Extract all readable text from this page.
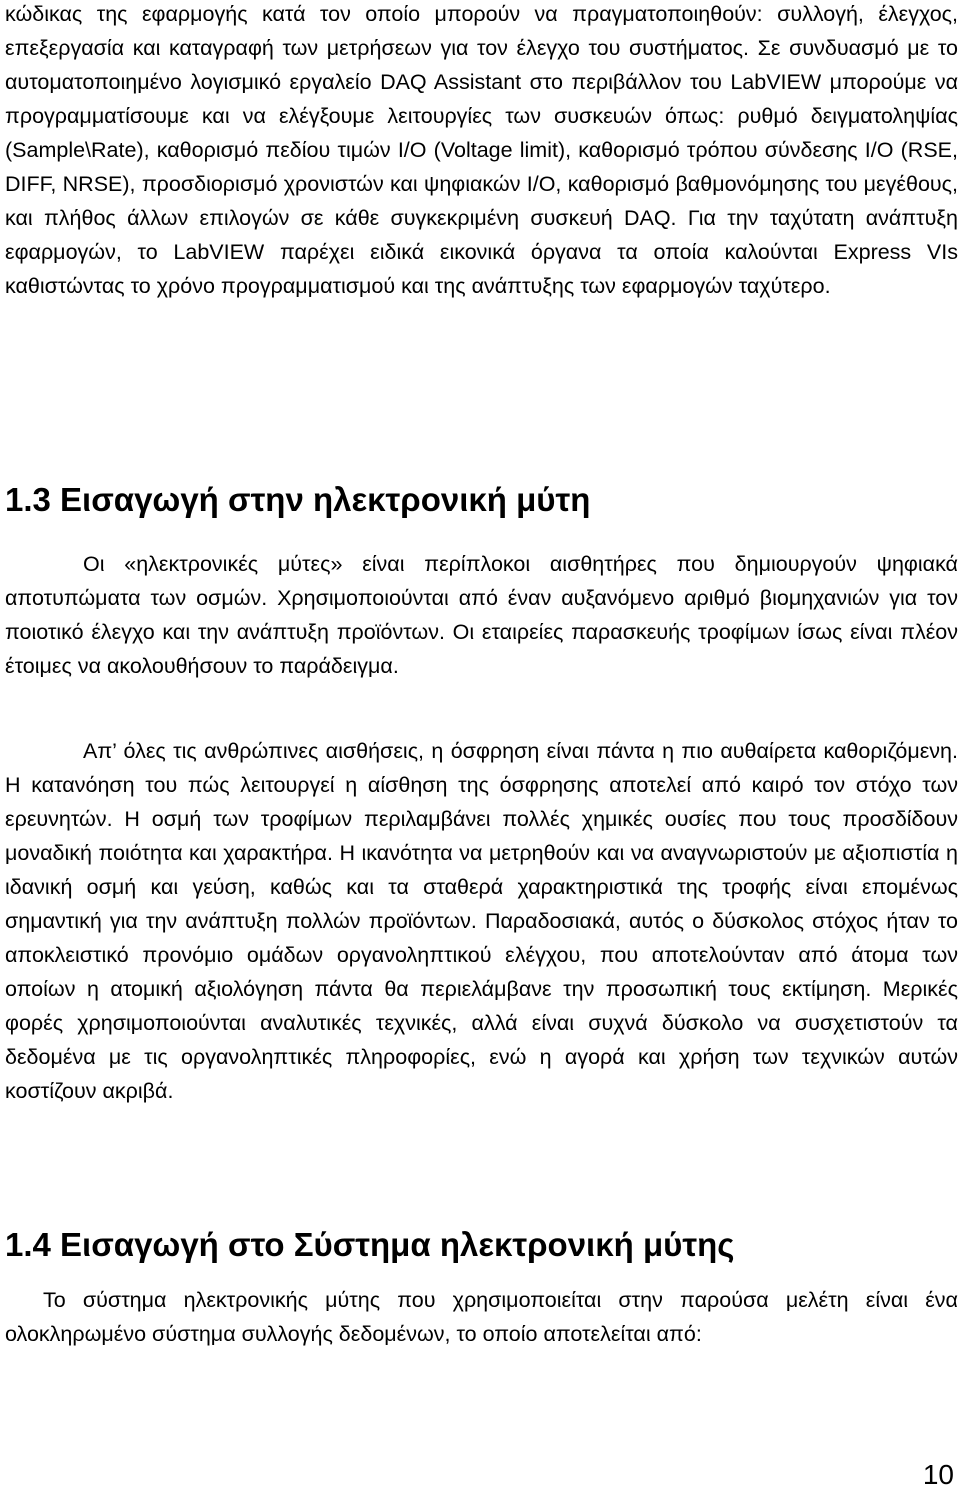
κώδικας της εφαρμογής κατά τον οποίο μπορούν να πραγματοποιηθούν: συλλογή, έλεγχος, επεξεργασία και καταγραφή των μετρήσεων για τον έλεγχο του συστήματος. Σε συνδυασμό με το αυτοματοποιημένο λογισμικό εργαλείο DAQ Assistant στο περιβάλλον του LabVIEW μπορούμε να προγραμματίσουμε και να ελέγξουμε λειτουργίες των συσκευών όπως: ρυθμό δειγματοληψίας (Sample\Rate), καθορισμό πεδίου τιμών I/O (Voltage limit), καθορισμό τρόπου σύνδεσης I/O (RSE, DIFF, NRSE), προσδιορισμό χρονιστών και ψηφιακών I/O, καθορισμό βαθμονόμησης του μεγέθους, και πλήθος άλλων επιλογών σε κάθε συγκεκριμένη συσκευή DAQ. Για την ταχύτατη ανάπτυξη εφαρμογών, το LabVIEW παρέχει ειδικά εικονικά όργανα τα οποία καλούνται Express VIs καθιστώντας το χρόνο προγραμματισμού και της ανάπτυξης των εφαρμογών ταχύτερο.

1.3 Εισαγωγή στην ηλεκτρονική μύτη

Οι «ηλεκτρονικές μύτες» είναι περίπλοκοι αισθητήρες που δημιουργούν ψηφιακά αποτυπώματα των οσμών. Χρησιμοποιούνται από έναν αυξανόμενο αριθμό βιομηχανιών για τον ποιοτικό έλεγχο και την ανάπτυξη προϊόντων. Οι εταιρείες παρασκευής τροφίμων ίσως είναι πλέον έτοιμες να ακολουθήσουν το παράδειγμα.

Απ’ όλες τις ανθρώπινες αισθήσεις, η όσφρηση είναι πάντα η πιο αυθαίρετα καθοριζόμενη. Η κατανόηση του πώς λειτουργεί η αίσθηση της όσφρησης αποτελεί από καιρό τον στόχο των ερευνητών. Η οσμή των τροφίμων περιλαμβάνει πολλές χημικές ουσίες που τους προσδίδουν μοναδική ποιότητα και χαρακτήρα. Η ικανότητα να μετρηθούν και να αναγνωριστούν με αξιοπιστία η ιδανική οσμή και γεύση, καθώς και τα σταθερά χαρακτηριστικά της τροφής είναι επομένως σημαντική για την ανάπτυξη πολλών προϊόντων. Παραδοσιακά, αυτός ο δύσκολος στόχος ήταν το αποκλειστικό προνόμιο ομάδων οργανοληπτικού ελέγχου, που αποτελούνταν από άτομα των οποίων η ατομική αξιολόγηση πάντα θα περιελάμβανε την προσωπική τους εκτίμηση. Μερικές φορές χρησιμοποιούνται αναλυτικές τεχνικές, αλλά είναι συχνά δύσκολο να συσχετιστούν τα δεδομένα με τις οργανοληπτικές πληροφορίες, ενώ η αγορά και χρήση των τεχνικών αυτών κοστίζουν ακριβά.

1.4 Εισαγωγή στο Σύστημα ηλεκτρονική μύτης

Το σύστημα ηλεκτρονικής μύτης που χρησιμοποιείται στην παρούσα μελέτη είναι ένα ολοκληρωμένο σύστημα συλλογής δεδομένων, το οποίο αποτελείται από:

10
